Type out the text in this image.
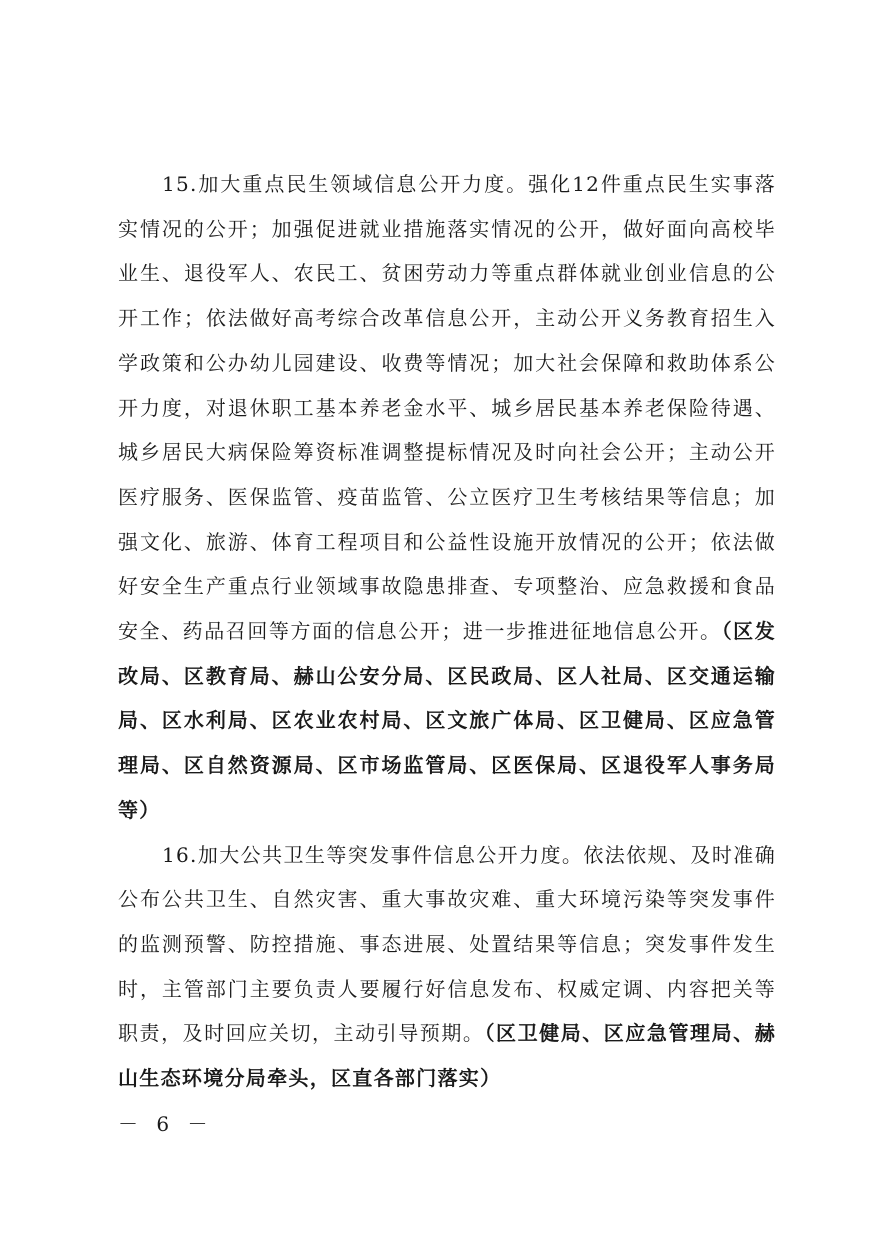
15.加大重点民生领域信息公开力度。强化12件重点民生实事落实情况的公开；加强促进就业措施落实情况的公开，做好面向高校毕业生、退役军人、农民工、贫困劳动力等重点群体就业创业信息的公开工作；依法做好高考综合改革信息公开，主动公开义务教育招生入学政策和公办幼儿园建设、收费等情况；加大社会保障和救助体系公开力度，对退休职工基本养老金水平、城乡居民基本养老保险待遇、城乡居民大病保险筹资标准调整提标情况及时向社会公开；主动公开医疗服务、医保监管、疫苗监管、公立医疗卫生考核结果等信息；加强文化、旅游、体育工程项目和公益性设施开放情况的公开；依法做好安全生产重点行业领域事故隐患排查、专项整治、应急救援和食品安全、药品召回等方面的信息公开；进一步推进征地信息公开。（区发改局、区教育局、赫山公安分局、区民政局、区人社局、区交通运输局、区水利局、区农业农村局、区文旅广体局、区卫健局、区应急管理局、区自然资源局、区市场监管局、区医保局、区退役军人事务局等）

16.加大公共卫生等突发事件信息公开力度。依法依规、及时准确公布公共卫生、自然灾害、重大事故灾难、重大环境污染等突发事件的监测预警、防控措施、事态进展、处置结果等信息；突发事件发生时，主管部门主要负责人要履行好信息发布、权威定调、内容把关等职责，及时回应关切，主动引导预期。（区卫健局、区应急管理局、赫山生态环境分局牵头，区直各部门落实）

－ 6 －
